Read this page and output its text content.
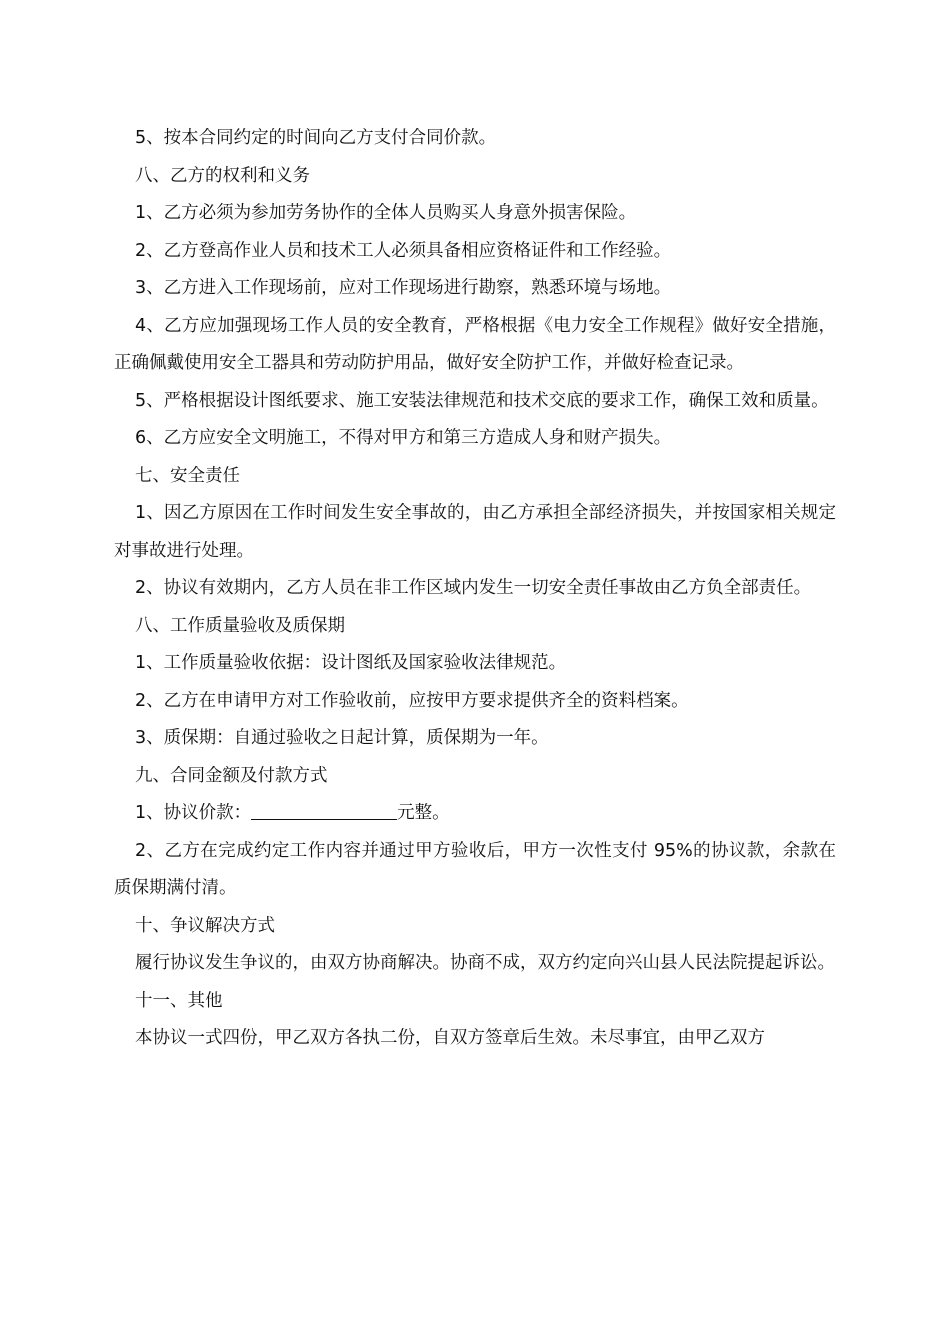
5、按本合同约定的时间向乙方支付合同价款。

八、乙方的权利和义务

1、乙方必须为参加劳务协作的全体人员购买人身意外损害保险。

2、乙方登高作业人员和技术工人必须具备相应资格证件和工作经验。

3、乙方进入工作现场前，应对工作现场进行勘察，熟悉环境与场地。

4、乙方应加强现场工作人员的安全教育，严格根据《电力安全工作规程》做好安全措施，正确佩戴使用安全工器具和劳动防护用品，做好安全防护工作，并做好检查记录。

5、严格根据设计图纸要求、施工安装法律规范和技术交底的要求工作，确保工效和质量。

6、乙方应安全文明施工，不得对甲方和第三方造成人身和财产损失。

七、安全责任

1、因乙方原因在工作时间发生安全事故的，由乙方承担全部经济损失，并按国家相关规定对事故进行处理。

2、协议有效期内，乙方人员在非工作区域内发生一切安全责任事故由乙方负全部责任。

八、工作质量验收及质保期

1、工作质量验收依据：设计图纸及国家验收法律规范。

2、乙方在申请甲方对工作验收前，应按甲方要求提供齐全的资料档案。

3、质保期：自通过验收之日起计算，质保期为一年。

九、合同金额及付款方式

1、协议价款：	元整。

2、乙方在完成约定工作内容并通过甲方验收后，甲方一次性支付 95%的协议款，余款在质保期满付清。

十、争议解决方式

履行协议发生争议的，由双方协商解决。协商不成，双方约定向兴山县人民法院提起诉讼。

十一、其他

本协议一式四份，甲乙双方各执二份，自双方签章后生效。未尽事宜，由甲乙双方
